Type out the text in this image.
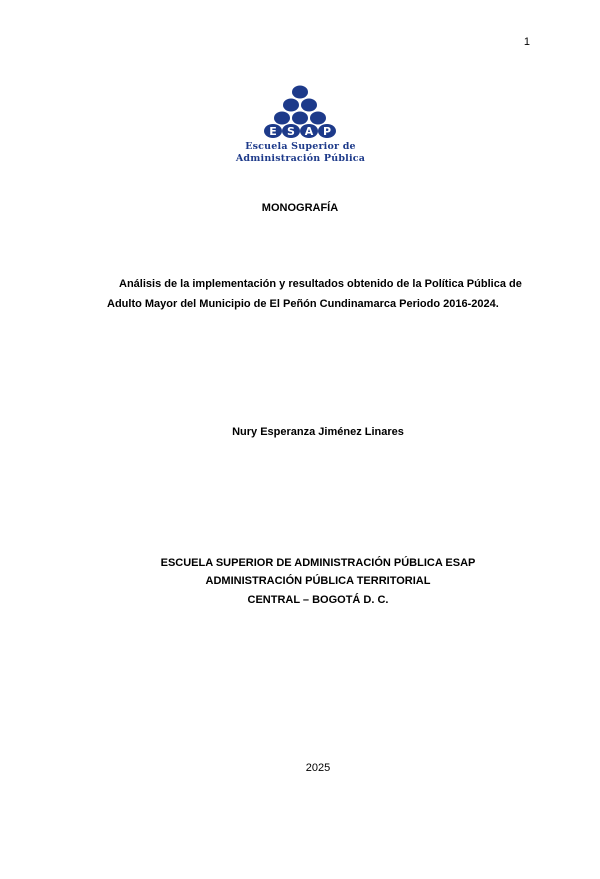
1
E S A P
Escuela Superior de
Administración Pública
MONOGRAFÍA
Análisis de la implementación y resultados obtenido de la Política Pública de Adulto Mayor del Municipio de El Peñón Cundinamarca Periodo 2016-2024.
Nury Esperanza Jiménez Linares
ESCUELA SUPERIOR DE ADMINISTRACIÓN PÚBLICA ESAP
ADMINISTRACIÓN PÚBLICA TERRITORIAL
CENTRAL – BOGOTÁ D. C.
2025
